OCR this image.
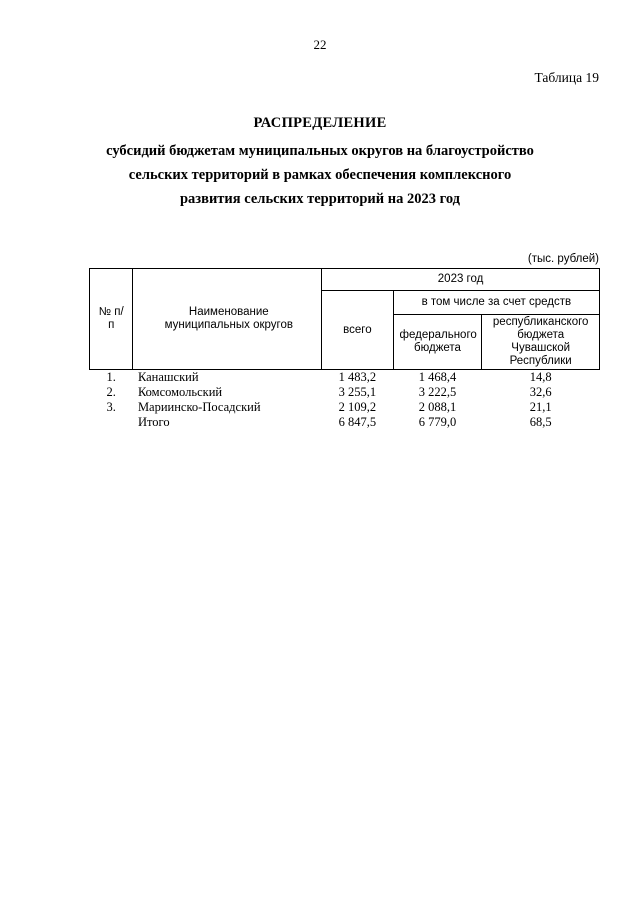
22
Таблица 19
РАСПРЕДЕЛЕНИЕ
субсидий бюджетам муниципальных округов на благоустройство
сельских территорий в рамках обеспечения комплексного
развития сельских территорий на 2023 год
(тыс. рублей)
№ п/п	Наименование муниципальных округов	2023 год		
		всего	в том числе за счет средств	
			федерального бюджета	республиканского бюджета Чувашской Республики
1.	Канашский	1 483,2	1 468,4	14,8
2.	Комсомольский	3 255,1	3 222,5	32,6
3.	Мариинско-Посадский	2 109,2	2 088,1	21,1
	Итого	6 847,5	6 779,0	68,5
